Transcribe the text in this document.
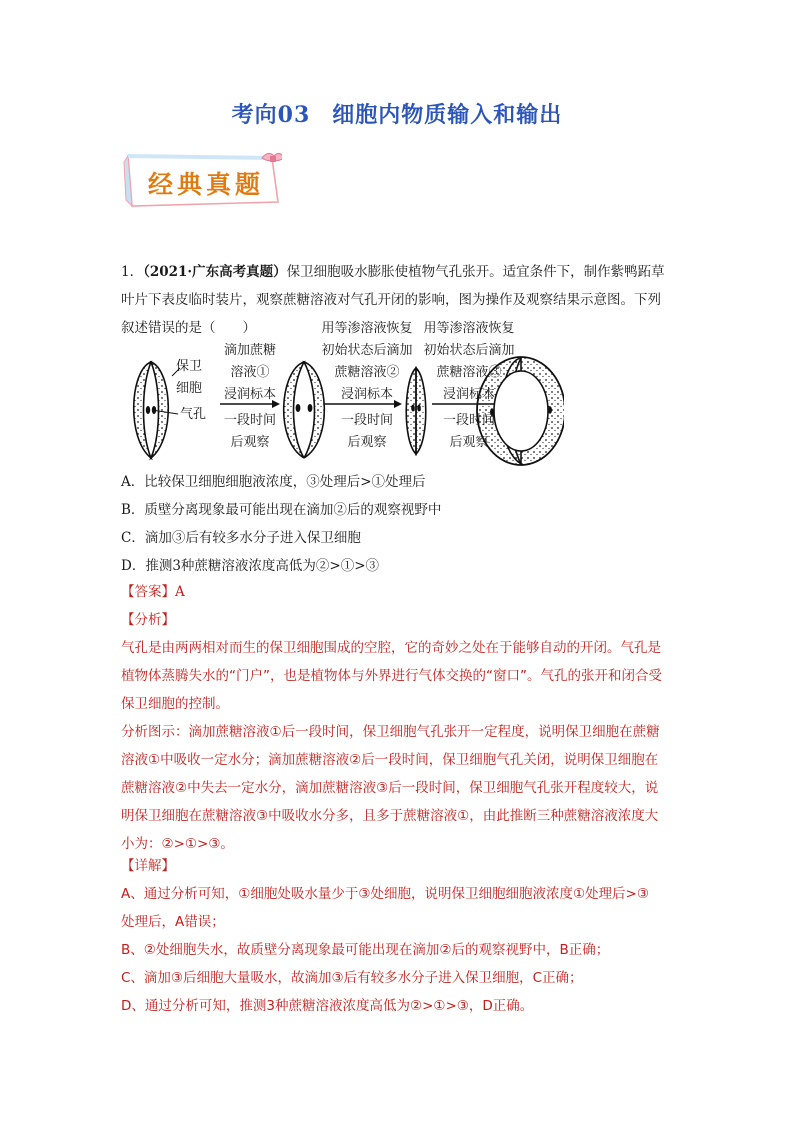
考向03 细胞内物质输入和输出
经典真题

1．（2021·广东高考真题）保卫细胞吸水膨胀使植物气孔张开。适宜条件下，制作紫鸭跖草

叶片下表皮临时装片，观察蔗糖溶液对气孔开闭的影响，图为操作及观察结果示意图。下列

叙述错误的是（　　）

保卫
细胞
气孔
滴加蔗糖
溶液①
浸润标本
一段时间
后观察
用等渗溶液恢复
初始状态后滴加
蔗糖溶液②
浸润标本
一段时间
后观察
用等渗溶液恢复
初始状态后滴加
蔗糖溶液③
浸润标本
一段时间
后观察

A．比较保卫细胞细胞液浓度，③处理后>①处理后

B．质壁分离现象最可能出现在滴加②后的观察视野中

C．滴加③后有较多水分子进入保卫细胞

D．推测3种蔗糖溶液浓度高低为②>①>③

【答案】A

【分析】

气孔是由两两相对而生的保卫细胞围成的空腔，它的奇妙之处在于能够自动的开闭。气孔是

植物体蒸腾失水的“门户”，也是植物体与外界进行气体交换的“窗口”。气孔的张开和闭合受

保卫细胞的控制。

分析图示：滴加蔗糖溶液①后一段时间，保卫细胞气孔张开一定程度，说明保卫细胞在蔗糖

溶液①中吸收一定水分；滴加蔗糖溶液②后一段时间，保卫细胞气孔关闭，说明保卫细胞在

蔗糖溶液②中失去一定水分，滴加蔗糖溶液③后一段时间，保卫细胞气孔张开程度较大，说

明保卫细胞在蔗糖溶液③中吸收水分多，且多于蔗糖溶液①，由此推断三种蔗糖溶液浓度大

小为：②>①>③。

【详解】

A、通过分析可知，①细胞处吸水量少于③处细胞，说明保卫细胞细胞液浓度①处理后>③

处理后，A错误；

B、②处细胞失水，故质壁分离现象最可能出现在滴加②后的观察视野中，B正确；

C、滴加③后细胞大量吸水，故滴加③后有较多水分子进入保卫细胞，C正确；

D、通过分析可知，推测3种蔗糖溶液浓度高低为②>①>③，D正确。
